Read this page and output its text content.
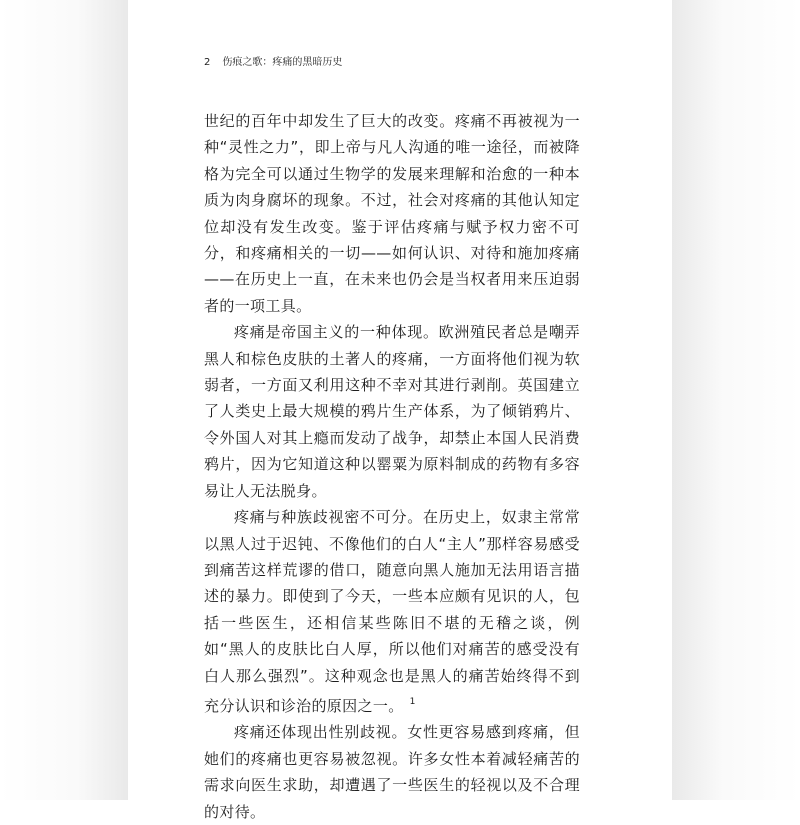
2 伤痕之歌：疼痛的黑暗历史

世纪的百年中却发生了巨大的改变。疼痛不再被视为一种“灵性之力”，即上帝与凡人沟通的唯一途径，而被降格为完全可以通过生物学的发展来理解和治愈的一种本质为肉身腐坏的现象。不过，社会对疼痛的其他认知定位却没有发生改变。鉴于评估疼痛与赋予权力密不可分，和疼痛相关的一切——如何认识、对待和施加疼痛——在历史上一直，在未来也仍会是当权者用来压迫弱者的一项工具。

疼痛是帝国主义的一种体现。欧洲殖民者总是嘲弄黑人和棕色皮肤的土著人的疼痛，一方面将他们视为软弱者，一方面又利用这种不幸对其进行剥削。英国建立了人类史上最大规模的鸦片生产体系，为了倾销鸦片、令外国人对其上瘾而发动了战争，却禁止本国人民消费鸦片，因为它知道这种以罂粟为原料制成的药物有多容易让人无法脱身。

疼痛与种族歧视密不可分。在历史上，奴隶主常常以黑人过于迟钝、不像他们的白人“主人”那样容易感受到痛苦这样荒谬的借口，随意向黑人施加无法用语言描述的暴力。即使到了今天，一些本应颇有见识的人，包括一些医生，还相信某些陈旧不堪的无稽之谈，例如“黑人的皮肤比白人厚，所以他们对痛苦的感受没有白人那么强烈”。这种观念也是黑人的痛苦始终得不到充分认识和诊治的原因之一。 $^1$

疼痛还体现出性别歧视。女性更容易感到疼痛，但她们的疼痛也更容易被忽视。许多女性本着减轻痛苦的需求向医生求助，却遭遇了一些医生的轻视以及不合理的对待。
